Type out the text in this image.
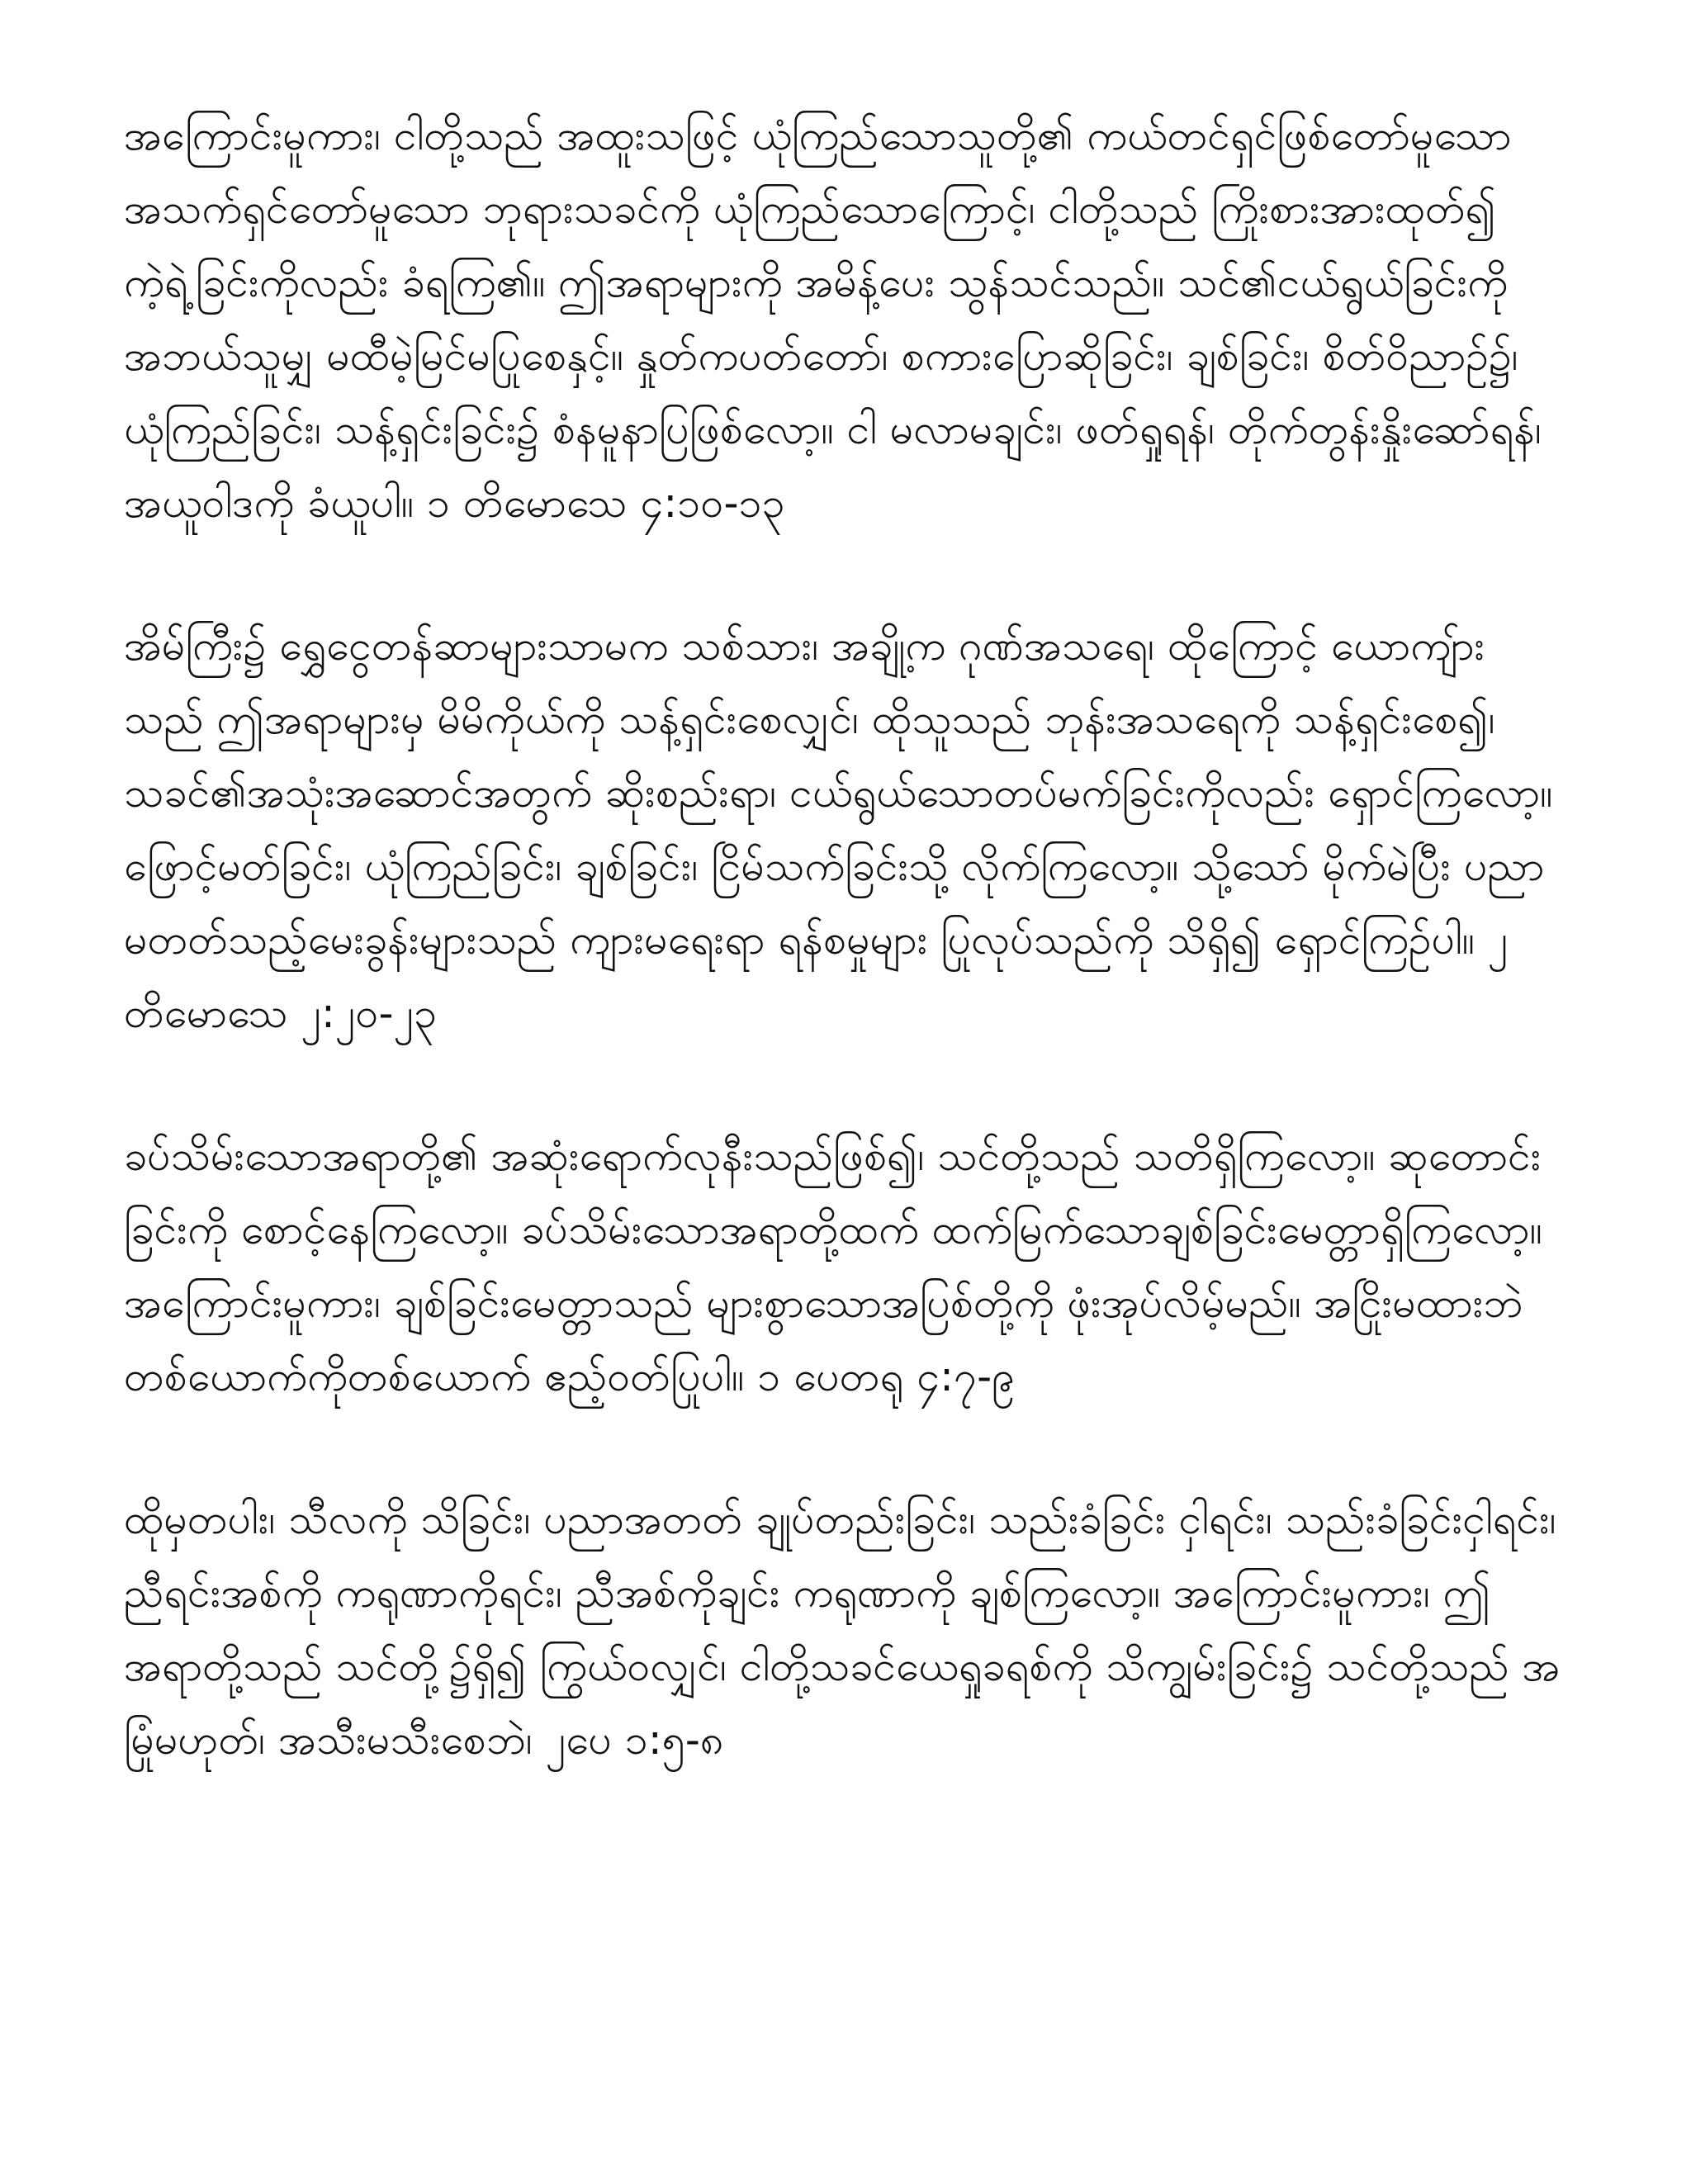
အကြောင်းမူကား၊ ငါတို့သည် အထူးသဖြင့် ယုံကြည်သောသူတို့၏ ကယ်တင်ရှင်ဖြစ်တော်မူသော အသက်ရှင်တော်မူသော ဘုရားသခင်ကို ယုံကြည်သောကြောင့်၊ ငါတို့သည် ကြိုးစားအားထုတ်၍ ကဲ့ရဲ့ခြင်းကိုလည်း ခံရကြ၏။ ဤအရာများကို အမိန့်ပေး သွန်သင်သည်။ သင်၏ငယ်ရွယ်ခြင်းကို အဘယ်သူမျှ မထီမဲ့မြင်မပြုစေနှင့်။ နှုတ်ကပတ်တော်၊ စကားပြောဆိုခြင်း၊ ချစ်ခြင်း၊ စိတ်ဝိညာဉ်၌၊ ယုံကြည်ခြင်း၊ သန့်ရှင်းခြင်း၌ စံနမူနာပြဖြစ်လော့။ ငါ မလာမချင်း၊ ဖတ်ရှုရန်၊ တိုက်တွန်းနှိုးဆော်ရန်၊ အယူဝါဒကို ခံယူပါ။ ၁ တိမောသေ ၄:၁၀-၁၃

အိမ်ကြီး၌ ရွှေငွေတန်ဆာများသာမက သစ်သား၊ အချို့က ဂုဏ်အသရေ၊ ထိုကြောင့် ယောကျ်ားသည် ဤအရာများမှ မိမိကိုယ်ကို သန့်ရှင်းစေလျှင်၊ ထိုသူသည် ဘုန်းအသရေကို သန့်ရှင်းစေ၍၊ သခင်၏အသုံးအဆောင်အတွက် ဆိုးစည်းရာ၊ ငယ်ရွယ်သောတပ်မက်ခြင်းကိုလည်း ရှောင်ကြလော့။ ဖြောင့်မတ်ခြင်း၊ ယုံကြည်ခြင်း၊ ချစ်ခြင်း၊ ငြိမ်သက်ခြင်းသို့ လိုက်ကြလော့။ သို့သော် မိုက်မဲပြီး ပညာမတတ်သည့်မေးခွန်းများသည် ကျားမရေးရာ ရန်စမှုများ ပြုလုပ်သည်ကို သိရှိ၍ ရှောင်ကြဉ်ပါ။ ၂ တိမောသေ ၂:၂၀-၂၃

ခပ်သိမ်းသောအရာတို့၏ အဆုံးရောက်လုနီးသည်ဖြစ်၍၊ သင်တို့သည် သတိရှိကြလော့။ ဆုတောင်းခြင်းကို စောင့်နေကြလော့။ ခပ်သိမ်းသောအရာတို့ထက် ထက်မြက်သောချစ်ခြင်းမေတ္တာရှိကြလော့။ အကြောင်းမူကား၊ ချစ်ခြင်းမေတ္တာသည် များစွာသောအပြစ်တို့ကို ဖုံးအုပ်လိမ့်မည်။ အငြိုးမထားဘဲ တစ်ယောက်ကိုတစ်ယောက် ဧည့်ဝတ်ပြုပါ။ ၁ ပေတရု ၄:၇-၉

ထိုမှတပါး၊ သီလကို သိခြင်း၊ ပညာအတတ် ချုပ်တည်းခြင်း၊ သည်းခံခြင်း ငှါရင်း၊ သည်းခံခြင်းငှါရင်း၊ ညီရင်းအစ်ကို ကရုဏာကိုရင်း၊ ညီအစ်ကိုချင်း ကရုဏာကို ချစ်ကြလော့။ အကြောင်းမူကား၊ ဤအရာတို့သည် သင်တို့၌ရှိ၍ ကြွယ်ဝလျှင်၊ ငါတို့သခင်ယေရှုခရစ်ကို သိကျွမ်းခြင်း၌ သင်တို့သည် အမြုံမဟုတ်၊ အသီးမသီးစေဘဲ၊ ၂ပေ ၁:၅-၈
